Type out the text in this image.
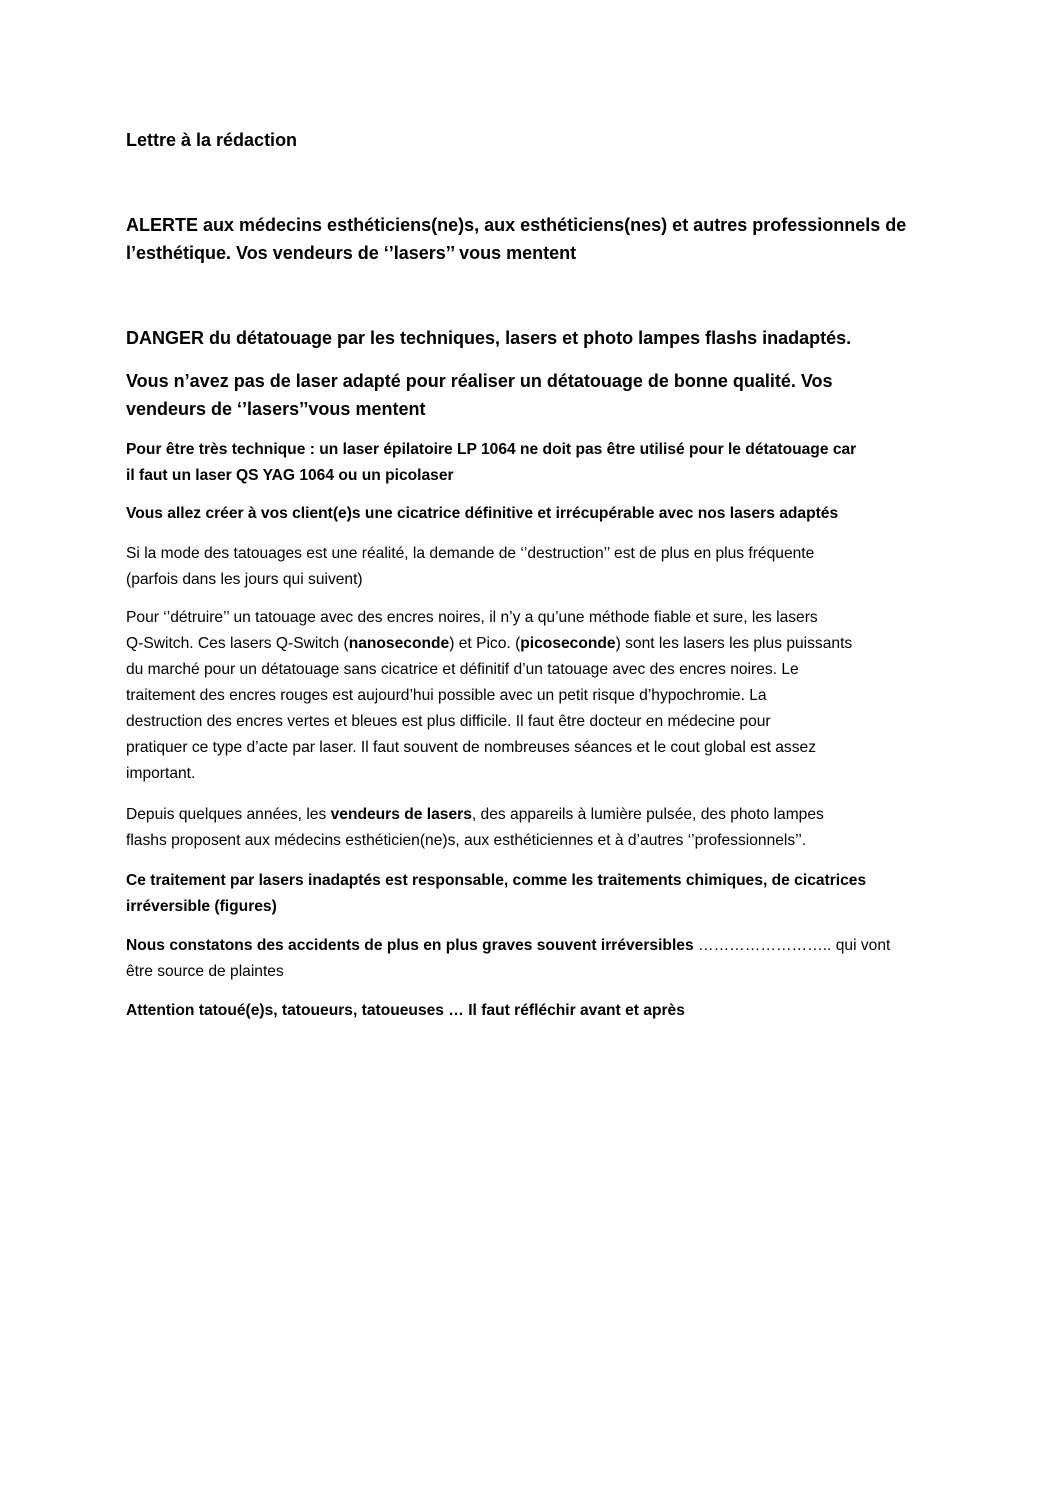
Lettre à la rédaction

ALERTE aux médecins esthéticiens(ne)s, aux esthéticiens(nes) et autres professionnels de
l’esthétique. Vos vendeurs de ‘’lasers’’ vous mentent

DANGER du détatouage par les techniques, lasers et photo lampes flashs inadaptés.

Vous n’avez pas de laser adapté pour réaliser un détatouage de bonne qualité. Vos
vendeurs de ‘’lasers’’vous mentent

Pour être très technique : un laser épilatoire LP 1064 ne doit pas être utilisé pour le détatouage car
il faut un laser QS YAG 1064 ou un picolaser

Vous allez créer à vos client(e)s une cicatrice définitive et irrécupérable avec nos lasers adaptés

Si la mode des tatouages est une réalité, la demande de ‘’destruction’’ est de plus en plus fréquente
(parfois dans les jours qui suivent)

Pour ‘’détruire’’ un tatouage avec des encres noires, il n’y a qu’une méthode fiable et sure, les lasers
Q-Switch. Ces lasers Q-Switch (nanoseconde) et Pico. (picoseconde) sont les lasers les plus puissants
du marché pour un détatouage sans cicatrice et définitif d’un tatouage avec des encres noires. Le
traitement des encres rouges est aujourd’hui possible avec un petit risque d’hypochromie. La
destruction des encres vertes et bleues est plus difficile. Il faut être docteur en médecine pour
pratiquer ce type d’acte par laser. Il faut souvent de nombreuses séances et le cout global est assez
important.

Depuis quelques années, les vendeurs de lasers, des appareils à lumière pulsée, des photo lampes
flashs proposent aux médecins esthéticien(ne)s, aux esthéticiennes et à d’autres ‘’professionnels’’.

Ce traitement par lasers inadaptés est responsable, comme les traitements chimiques, de cicatrices
irréversible (figures)

Nous constatons des accidents de plus en plus graves souvent irréversibles …………………….. qui vont
être source de plaintes

Attention tatoué(e)s, tatoueurs, tatoueuses … Il faut réfléchir avant et après
